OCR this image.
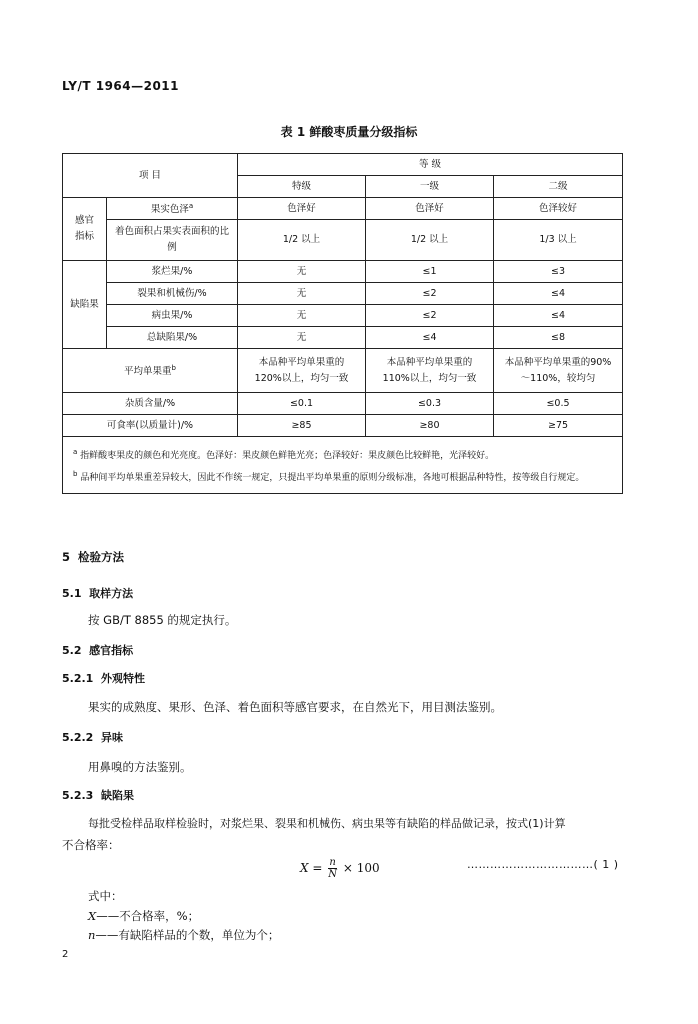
LY/T 1964—2011
表 1 鲜酸枣质量分级指标
项 目		等 级		
		特级	一级	二级
感官指标	果实色泽$^a$	色泽好	色泽好	色泽较好
	着色面积占果实表面积的比例	1/2 以上	1/2 以上	1/3 以上
缺陷果	浆烂果/%	无	≤1	≤3
	裂果和机械伤/%	无	≤2	≤4
	病虫果/%	无	≤2	≤4
	总缺陷果/%	无	≤4	≤8
平均单果重$^b$		本品种平均单果重的120%以上，均匀一致	本品种平均单果重的110%以上，均匀一致	本品种平均单果重的90%～110%，较均匀
杂质含量/%		≤0.1	≤0.3	≤0.5
可食率(以质量计)/%		≥85	≥80	≥75

$^a$ 指鲜酸枣果皮的颜色和光亮度。色泽好：果皮颜色鲜艳光亮；色泽较好：果皮颜色比较鲜艳，光泽较好。
$^b$ 品种间平均单果重差异较大，因此不作统一规定，只提出平均单果重的原则分级标准，各地可根据品种特性，按等级自行规定。				
5 检验方法
5.1 取样方法
按 GB/T 8855 的规定执行。
5.2 感官指标
5.2.1 外观特性
果实的成熟度、果形、色泽、着色面积等感官要求，在自然光下，用目测法鉴别。
5.2.2 异味
用鼻嗅的方法鉴别。
5.2.3 缺陷果
每批受检样品取样检验时，对浆烂果、裂果和机械伤、病虫果等有缺陷的样品做记录，按式(1)计算
不合格率：
$X = \frac{n}{N} \times 100$	……………………………( 1 )
式中：
X——不合格率，%；
n——有缺陷样品的个数，单位为个；
2
